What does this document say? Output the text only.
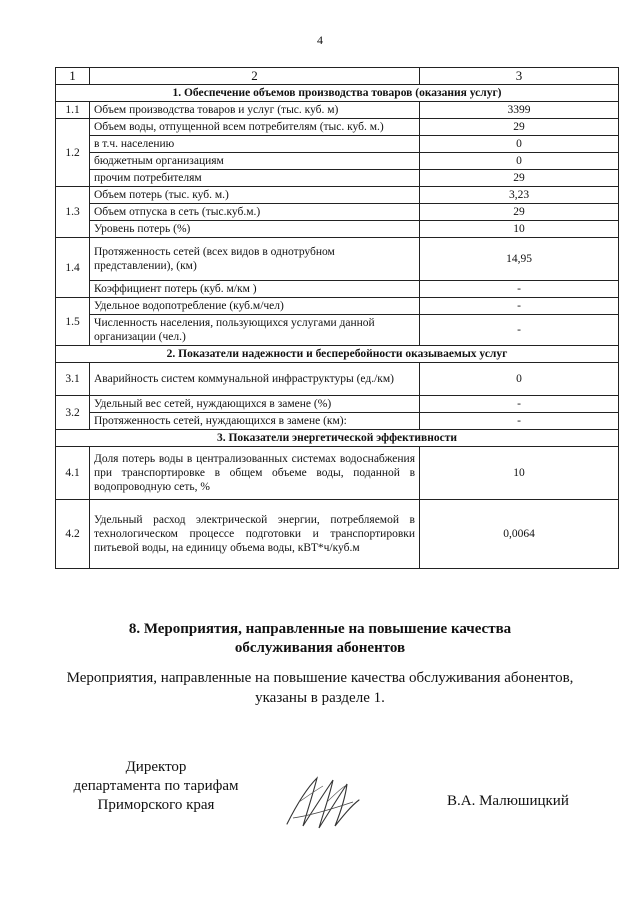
4
1	2	3
1. Обеспечение объемов производства товаров (оказания услуг)		
1.1	Объем производства товаров и услуг (тыс. куб. м)	3399
1.2	Объем воды, отпущенной всем потребителям (тыс. куб. м.)	29
	в т.ч. населению	0
	бюджетным организациям	0
	прочим потребителям	29
1.3	Объем потерь (тыс. куб. м.)	3,23
	Объем отпуска в сеть (тыс.куб.м.)	29
	Уровень потерь (%)	10
1.4	Протяженность сетей (всех видов в однотрубном представлении), (км)	14,95
	Коэффициент потерь (куб. м/км )	-
1.5	Удельное водопотребление (куб.м/чел)	-
	Численность населения, пользующихся услугами данной организации (чел.)	-
2. Показатели надежности и бесперебойности оказываемых услуг		
3.1	Аварийность систем коммунальной инфраструктуры (ед./км)	0
3.2	Удельный вес сетей, нуждающихся в замене (%)	-
	Протяженность сетей, нуждающихся в замене (км):	-
3. Показатели энергетической эффективности		
4.1	Доля потерь воды в централизованных системах водоснабжения при транспортировке в общем объеме воды, поданной в водопроводную сеть, %	10
4.2	Удельный расход электрической энергии, потребляемой в технологическом процессе подготовки и транспортировки питьевой воды, на единицу объема воды, кВТ*ч/куб.м	0,0064
8. Мероприятия, направленные на повышение качества
обслуживания абонентов
Мероприятия, направленные на повышение качества обслуживания абонентов,
указаны в разделе 1.
Директор
департамента по тарифам
Приморского края	В.А. Малюшицкий
